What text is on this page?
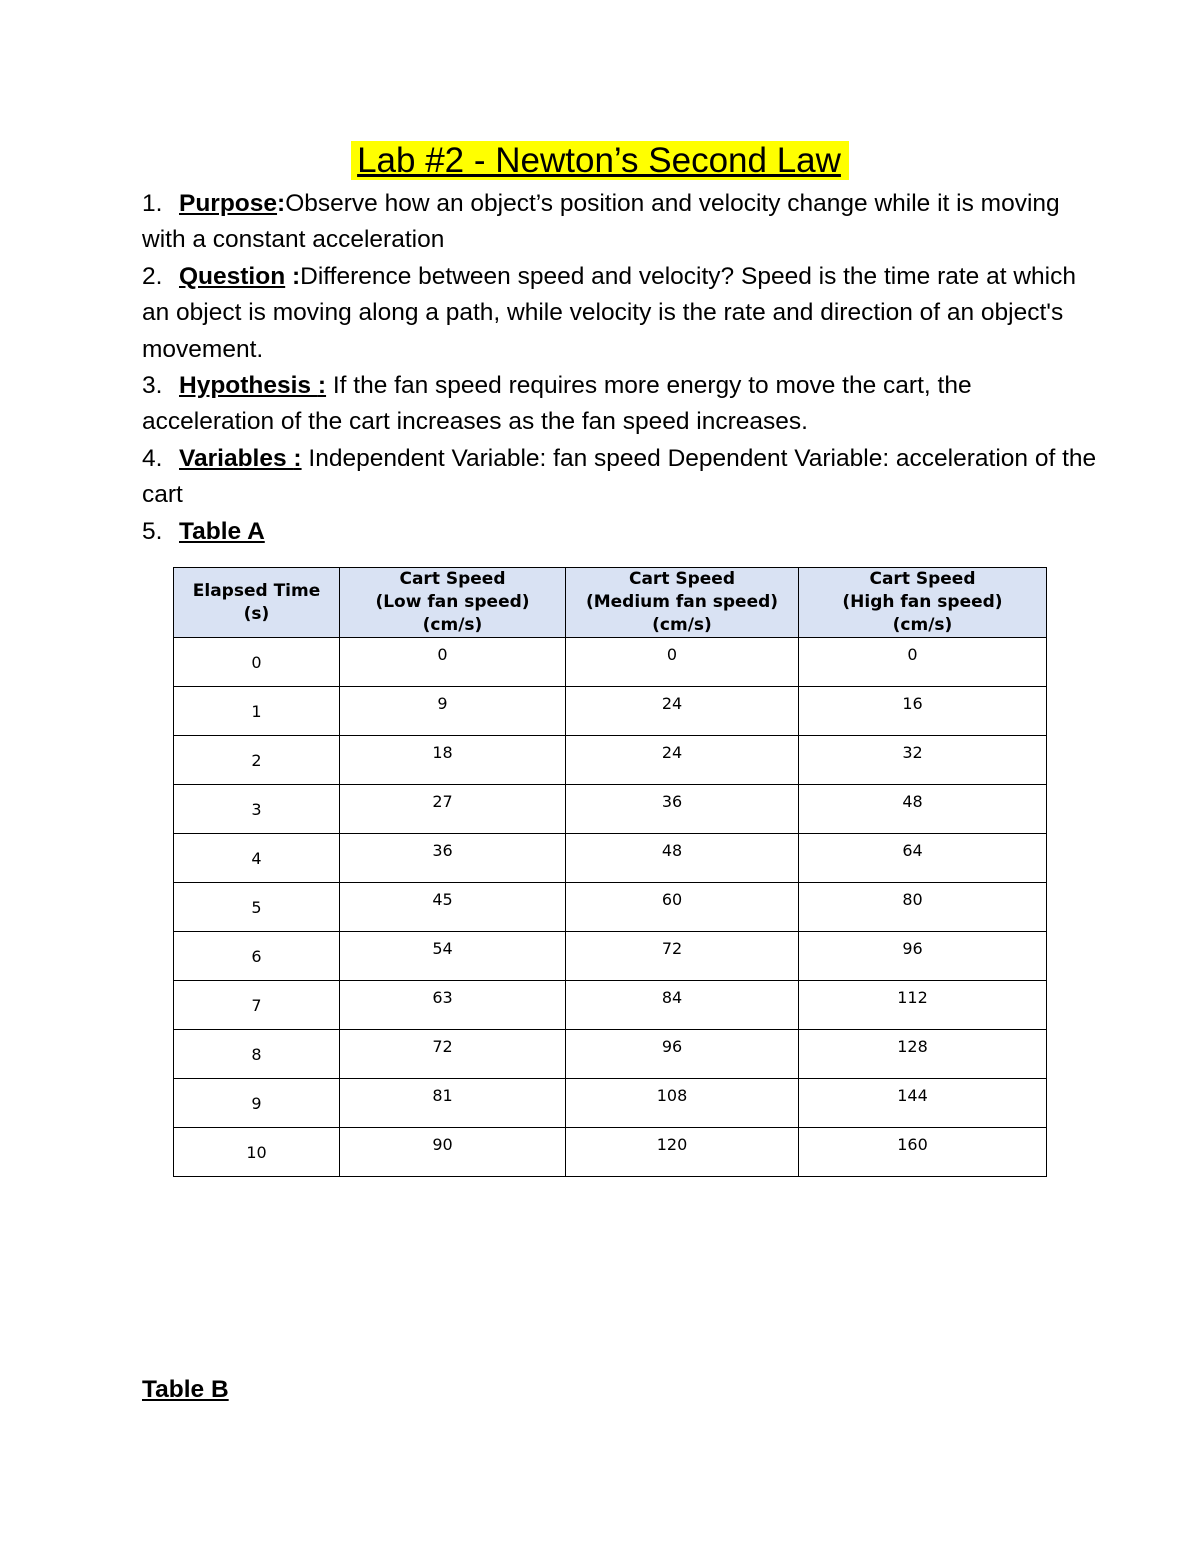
Lab #2 - Newton’s Second Law

1. Purpose:Observe how an object’s position and velocity change while it is moving with a constant acceleration

2. Question :Difference between speed and velocity? Speed is the time rate at which an object is moving along a path, while velocity is the rate and direction of an object's movement.

3. Hypothesis : If the fan speed requires more energy to move the cart, the acceleration of the cart increases as the fan speed increases.

4. Variables : Independent Variable: fan speed Dependent Variable: acceleration of the cart

5. Table A

Elapsed Time
(s)	Cart Speed
(Low fan speed)
(cm/s)	Cart Speed
(Medium fan speed)
(cm/s)	Cart Speed
(High fan speed)
(cm/s)
0	0	0	0
1	9	24	16
2	18	24	32
3	27	36	48
4	36	48	64
5	45	60	80
6	54	72	96
7	63	84	112
8	72	96	128
9	81	108	144
10	90	120	160
Table B
